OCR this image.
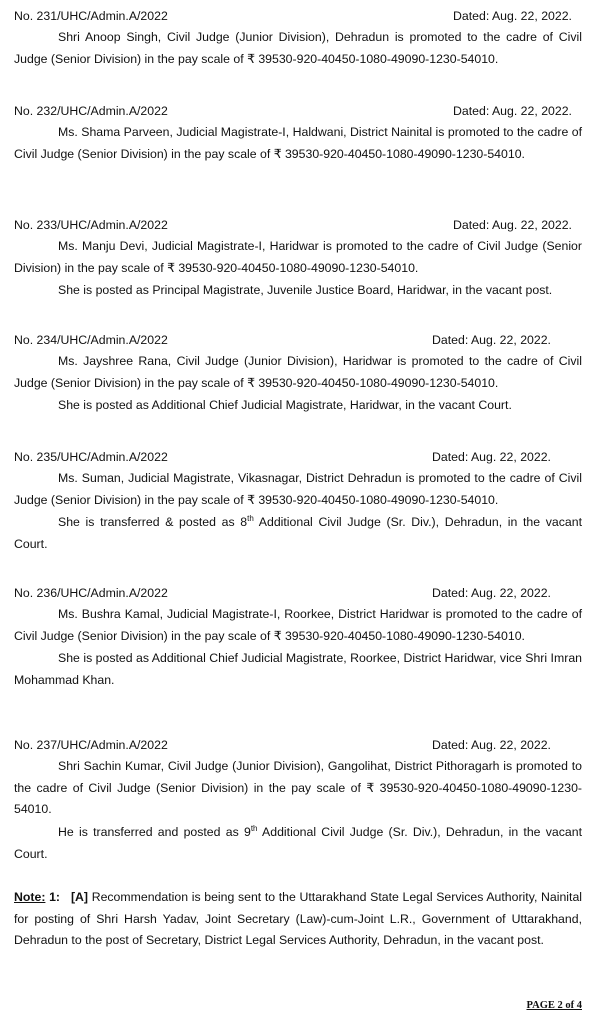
No. 231/UHC/Admin.A/2022	Dated: Aug. 22, 2022.

Shri Anoop Singh, Civil Judge (Junior Division), Dehradun is promoted to the cadre of Civil Judge (Senior Division) in the pay scale of ₹ 39530-920-40450-1080-49090-1230-54010.

No. 232/UHC/Admin.A/2022	Dated: Aug. 22, 2022.

Ms. Shama Parveen, Judicial Magistrate-I, Haldwani, District Nainital is promoted to the cadre of Civil Judge (Senior Division) in the pay scale of ₹ 39530-920-40450-1080-49090-1230-54010.

No. 233/UHC/Admin.A/2022	Dated: Aug. 22, 2022.

Ms. Manju Devi, Judicial Magistrate-I, Haridwar is promoted to the cadre of Civil Judge (Senior Division) in the pay scale of ₹ 39530-920-40450-1080-49090-1230-54010.

She is posted as Principal Magistrate, Juvenile Justice Board, Haridwar, in the vacant post.

No. 234/UHC/Admin.A/2022	Dated: Aug. 22, 2022.

Ms. Jayshree Rana, Civil Judge (Junior Division), Haridwar is promoted to the cadre of Civil Judge (Senior Division) in the pay scale of ₹ 39530-920-40450-1080-49090-1230-54010.

She is posted as Additional Chief Judicial Magistrate, Haridwar, in the vacant Court.

No. 235/UHC/Admin.A/2022	Dated: Aug. 22, 2022.

Ms. Suman, Judicial Magistrate, Vikasnagar, District Dehradun is promoted to the cadre of Civil Judge (Senior Division) in the pay scale of ₹ 39530-920-40450-1080-49090-1230-54010.

She is transferred & posted as 8th Additional Civil Judge (Sr. Div.), Dehradun, in the vacant Court.

No. 236/UHC/Admin.A/2022	Dated: Aug. 22, 2022.

Ms. Bushra Kamal, Judicial Magistrate-I, Roorkee, District Haridwar is promoted to the cadre of Civil Judge (Senior Division) in the pay scale of ₹ 39530-920-40450-1080-49090-1230-54010.

She is posted as Additional Chief Judicial Magistrate, Roorkee, District Haridwar, vice Shri Imran Mohammad Khan.

No. 237/UHC/Admin.A/2022	Dated: Aug. 22, 2022.

Shri Sachin Kumar, Civil Judge (Junior Division), Gangolihat, District Pithoragarh is promoted to the cadre of Civil Judge (Senior Division) in the pay scale of ₹ 39530-920-40450-1080-49090-1230-54010.

He is transferred and posted as 9th Additional Civil Judge (Sr. Div.), Dehradun, in the vacant Court.

Note: 1: [A] Recommendation is being sent to the Uttarakhand State Legal Services Authority, Nainital for posting of Shri Harsh Yadav, Joint Secretary (Law)-cum-Joint L.R., Government of Uttarakhand, Dehradun to the post of Secretary, District Legal Services Authority, Dehradun, in the vacant post.
PAGE 2 of 4
